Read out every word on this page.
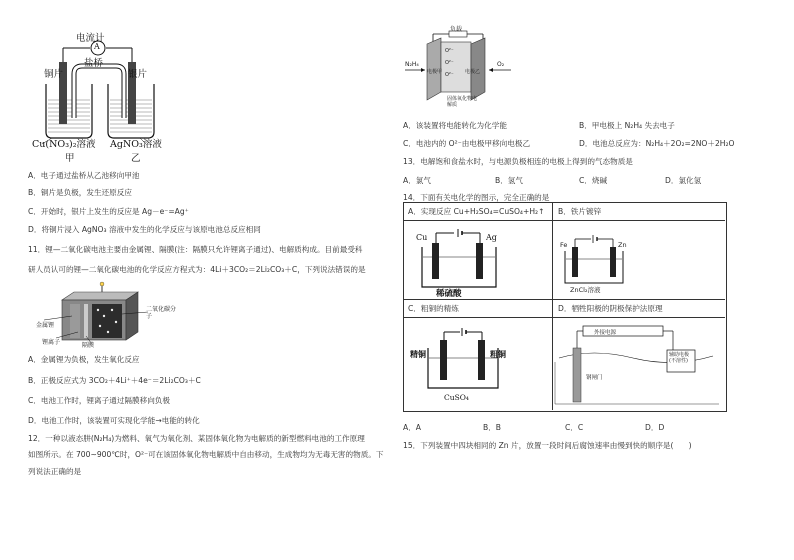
电流计
A
盐桥
铜片	银片
Cu(NO₃)₂溶液 AgNO₃溶液
甲	乙
A．电子通过盐桥从乙池移向甲池
B．铜片是负极，发生还原反应
C．开始时，银片上发生的反应是 Ag－e⁻=Ag⁺
D．将铜片浸入 AgNO₃ 溶液中发生的化学反应与该原电池总反应相同
11．锂—二氧化碳电池主要由金属锂、隔膜(注：隔膜只允许锂离子通过)、电解质构成。目前最受科
研人员认可的锂—二氧化碳电池的化学反应方程式为：4Li＋3CO₂＝2Li₂CO₃＋C，下列说法错误的是
金属锂
锂离子	隔膜
二氧化碳分子
A．金属锂为负极，发生氧化反应
B．正极反应式为 3CO₂＋4Li⁺＋4e⁻＝2Li₂CO₃＋C
C．电池工作时，锂离子通过隔膜移向负极
D．电池工作时，该装置可实现化学能→电能的转化
12．一种以液态肼(N₂H₄)为燃料、氧气为氧化剂、某固体氧化物为电解质的新型燃料电池的工作原理
如图所示。在 700~900℃时，O²⁻可在该固体氧化物电解质中自由移动，生成物均为无毒无害的物质。下
列说法正确的是
负载
N₂H₄	O₂
电极甲	电极乙
O²⁻
O²⁻
O²⁻
固体氧化物电解质
A．该装置将电能转化为化学能	B．甲电极上 N₂H₄ 失去电子
C．电池内的 O²⁻由电极甲移向电极乙	D．电池总反应为：N₂H₄＋2O₂=2NO＋2H₂O
13．电解饱和食盐水时，与电源负极相连的电极上得到的气态物质是
A．氯气	B．氢气	C．烧碱	D．氯化氢
14．下面有关电化学的图示，完全正确的是
A．实现反应 Cu+H₂SO₄=CuSO₄+H₂↑ B．铁片镀锌
C．粗铜的精炼	D．牺牲阳极的阴极保护法原理
Cu	Ag
稀硫酸
Fe	Zn
ZnCl₂溶液
精铜	粗铜
CuSO₄
外接电源
钢闸门
辅助电极(不溶性)
A．A	B．B	C．C	D．D
15．下列装置中四块相同的 Zn 片，放置一段时间后腐蚀速率由慢到快的顺序是(　　)
